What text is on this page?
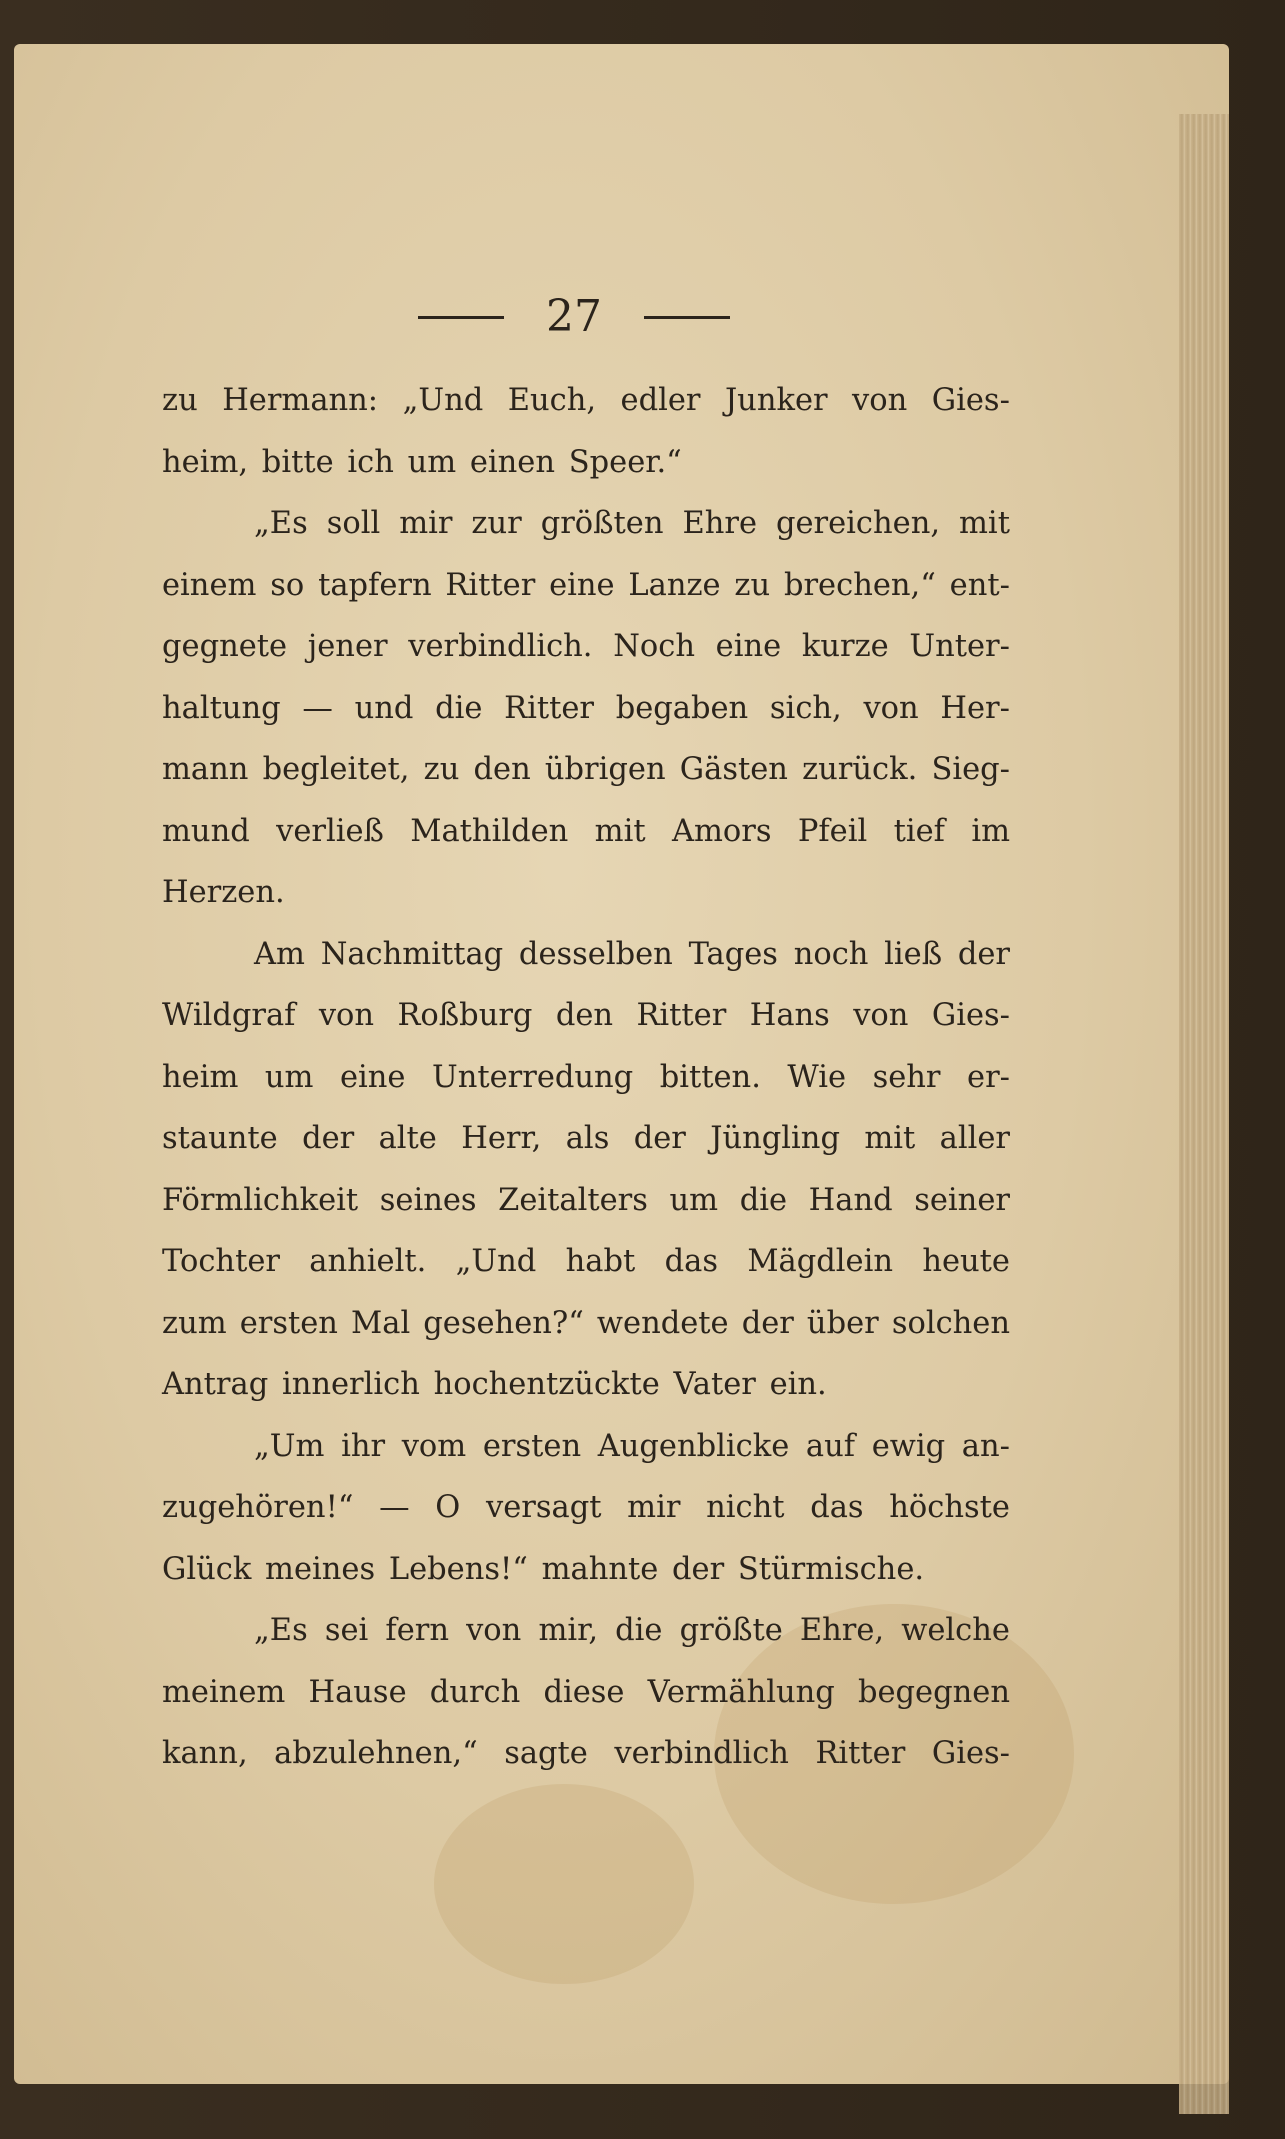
27
zu Hermann: „Und Euch, edler Junker von Gies-
heim, bitte ich um einen Speer.“
„Es soll mir zur größten Ehre gereichen, mit
einem so tapfern Ritter eine Lanze zu brechen,“ ent-
gegnete jener verbindlich. Noch eine kurze Unter-
haltung — und die Ritter begaben sich, von Her-
mann begleitet, zu den übrigen Gästen zurück. Sieg-
mund verließ Mathilden mit Amors Pfeil tief im
Herzen.
Am Nachmittag desselben Tages noch ließ der
Wildgraf von Roßburg den Ritter Hans von Gies-
heim um eine Unterredung bitten. Wie sehr er-
staunte der alte Herr, als der Jüngling mit aller
Förmlichkeit seines Zeitalters um die Hand seiner
Tochter anhielt. „Und habt das Mägdlein heute
zum ersten Mal gesehen?“ wendete der über solchen
Antrag innerlich hochentzückte Vater ein.
„Um ihr vom ersten Augenblicke auf ewig an-
zugehören!“ — O versagt mir nicht das höchste
Glück meines Lebens!“ mahnte der Stürmische.
„Es sei fern von mir, die größte Ehre, welche
meinem Hause durch diese Vermählung begegnen
kann, abzulehnen,“ sagte verbindlich Ritter Gies-
